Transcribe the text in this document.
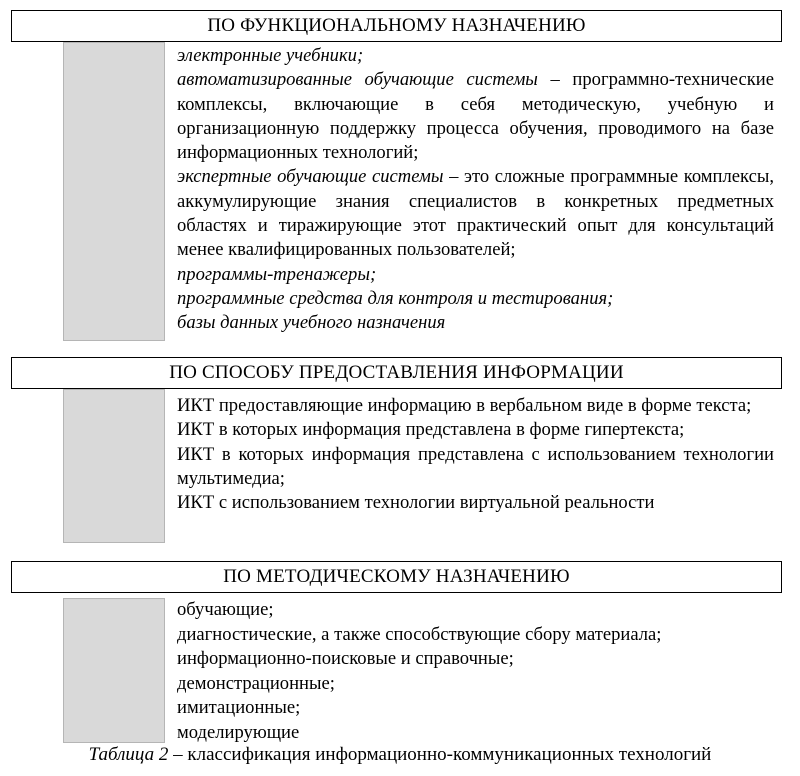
ПО ФУНКЦИОНАЛЬНОМУ НАЗНАЧЕНИЮ

электронные учебники;

автоматизированные обучающие системы – программно-технические комплексы, включающие в себя методическую, учебную и организационную поддержку процесса обучения, проводимого на базе информационных технологий;

экспертные обучающие системы – это сложные программные комплексы, аккумулирующие знания специалистов в конкретных предметных областях и тиражирующие этот практический опыт для консультаций менее квалифицированных пользователей;

программы-тренажеры;

программные средства для контроля и тестирования;

базы данных учебного назначения

ПО СПОСОБУ ПРЕДОСТАВЛЕНИЯ ИНФОРМАЦИИ

ИКТ предоставляющие информацию в вербальном виде в форме текста;

ИКТ в которых информация представлена в форме гипертекста;

ИКТ в которых информация представлена с использованием технологии мультимедиа;

ИКТ с использованием технологии виртуальной реальности

ПО МЕТОДИЧЕСКОМУ НАЗНАЧЕНИЮ

обучающие;

диагностические, а также способствующие сбору материала;

информационно-поисковые и справочные;

демонстрационные;

имитационные;

моделирующие

Таблица 2 – классификация информационно-коммуникационных технологий
